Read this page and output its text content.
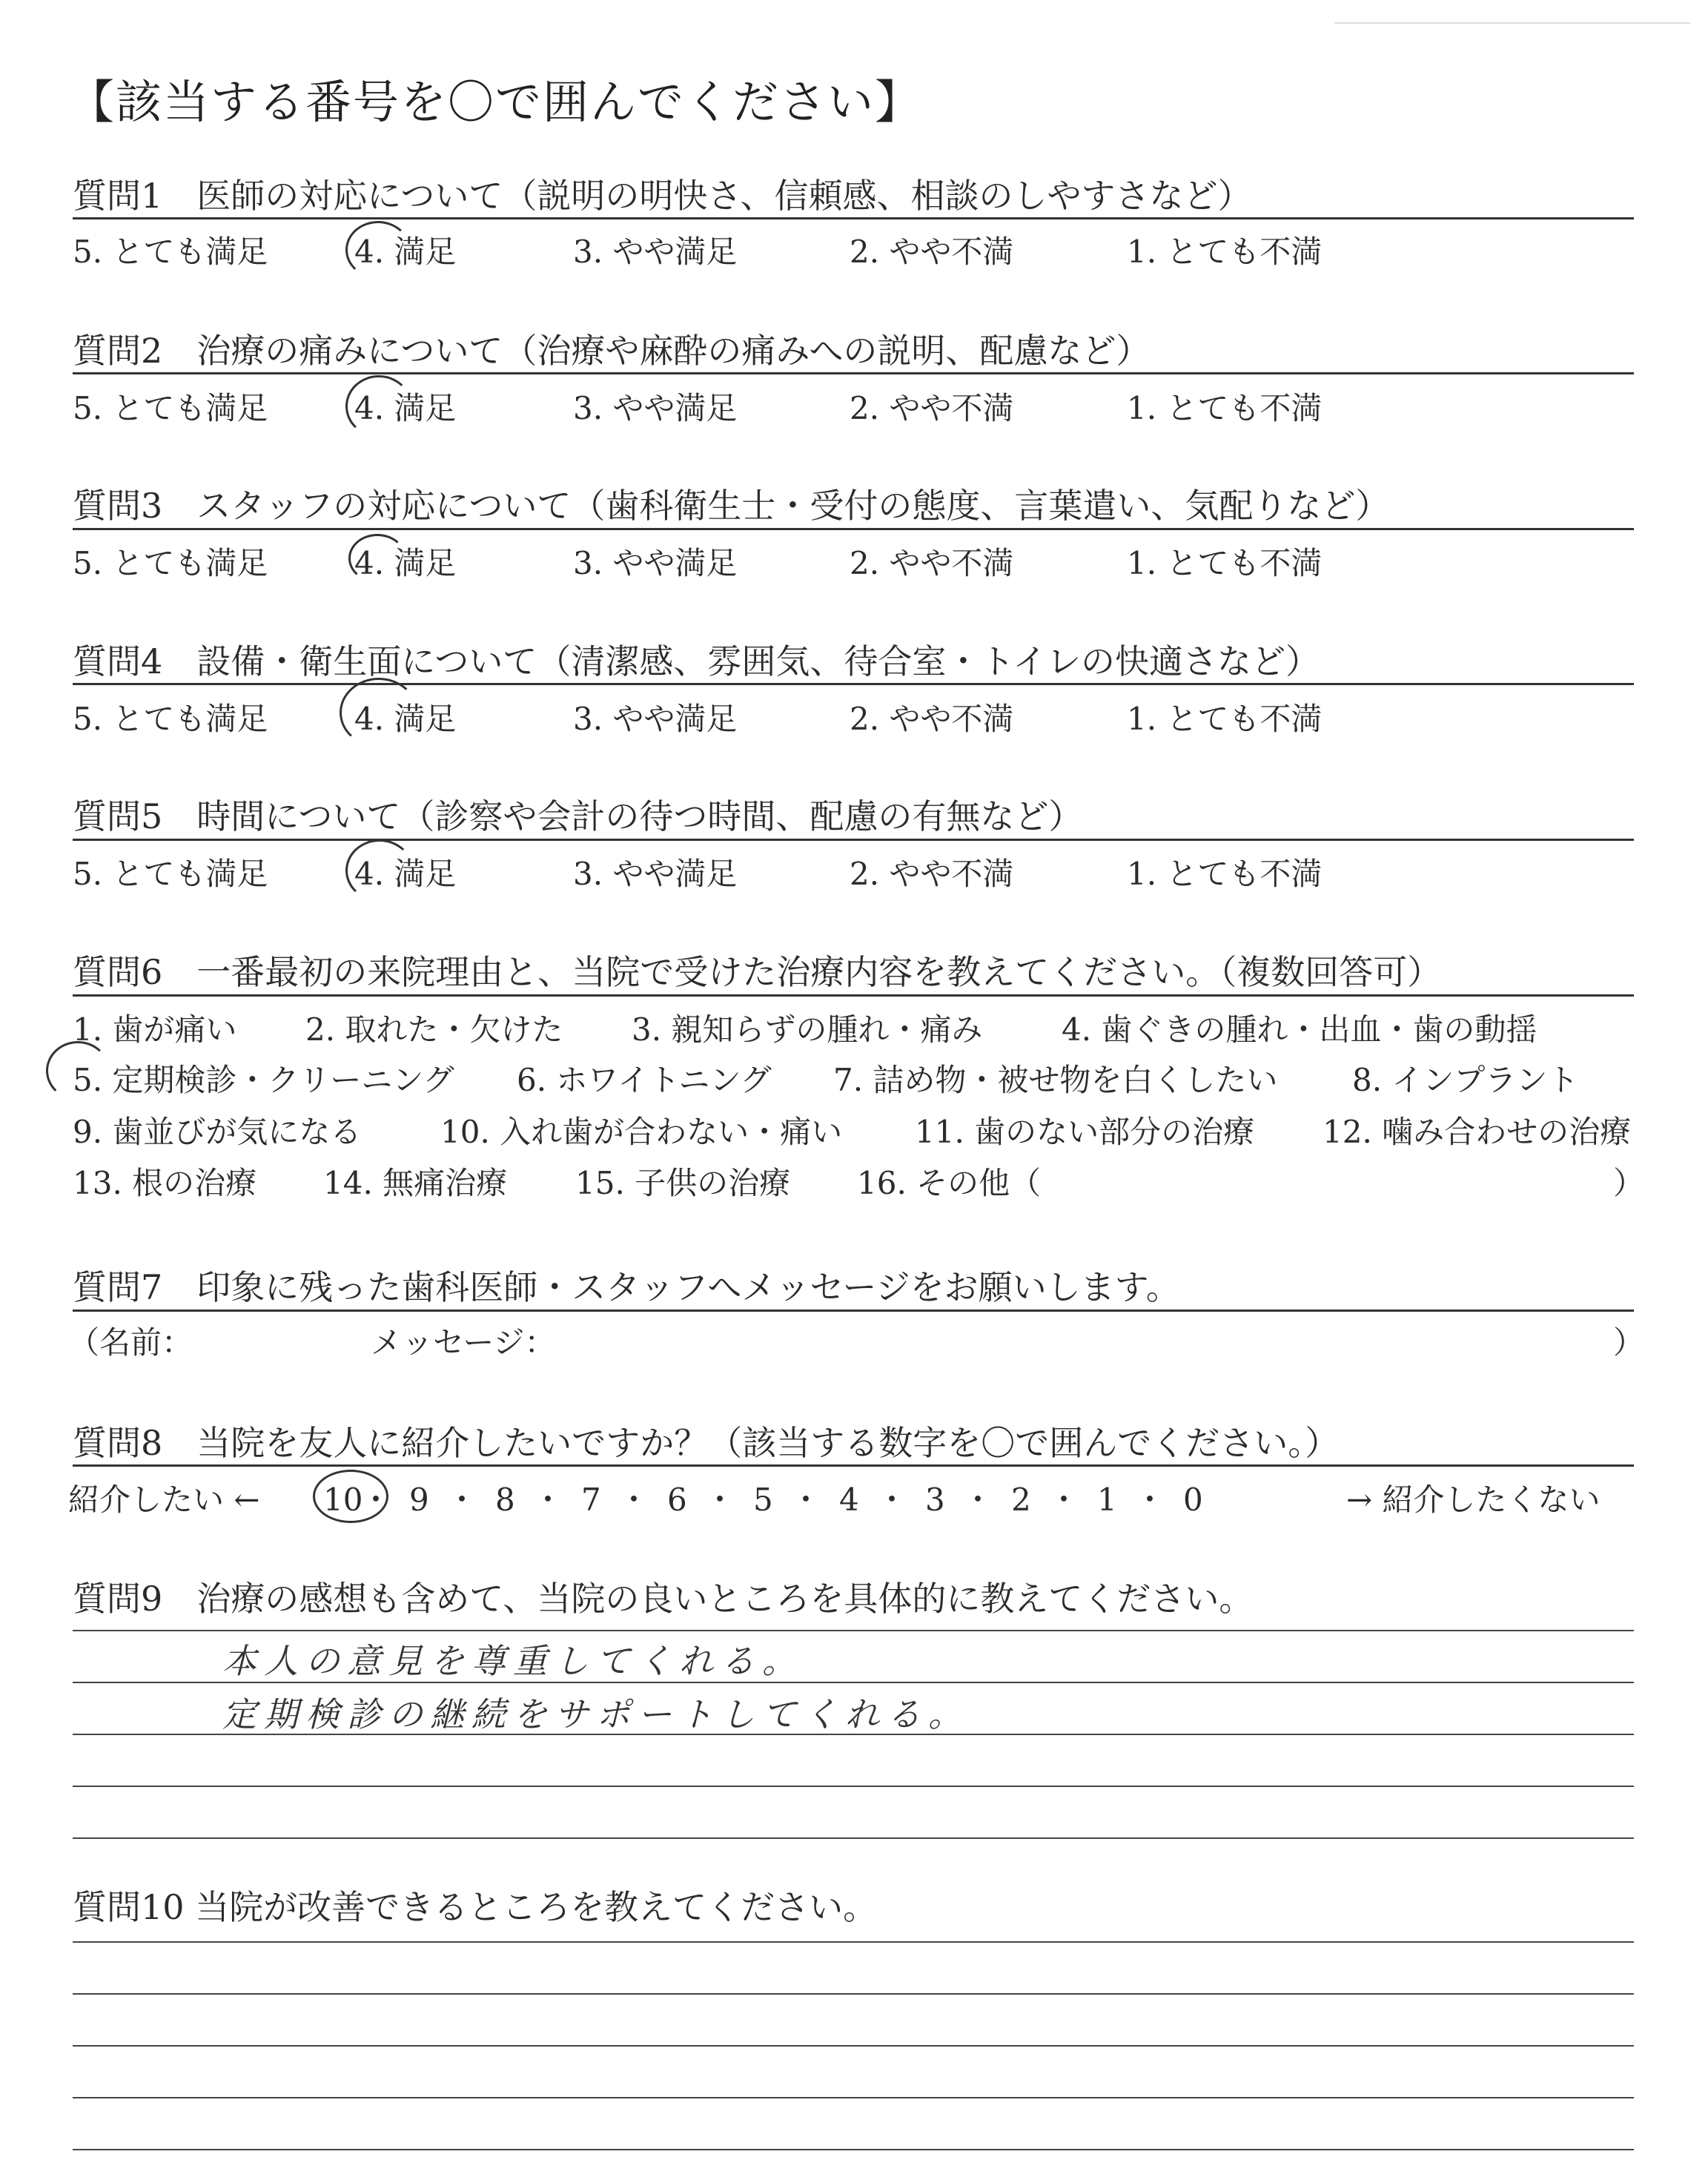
【該当する番号を〇で囲んでください】
質問1　医師の対応について（説明の明快さ、信頼感、相談のしやすさなど）
5. とても満足	4. 満足	3. やや満足	2. やや不満	1. とても不満
質問2　治療の痛みについて（治療や麻酔の痛みへの説明、配慮など）
5. とても満足	4. 満足	3. やや満足	2. やや不満	1. とても不満
質問3　スタッフの対応について（歯科衛生士・受付の態度、言葉遣い、気配りなど）
5. とても満足	4. 満足	3. やや満足	2. やや不満	1. とても不満
質問4　設備・衛生面について（清潔感、雰囲気、待合室・トイレの快適さなど）
5. とても満足	4. 満足	3. やや満足	2. やや不満	1. とても不満
質問5　時間について（診察や会計の待つ時間、配慮の有無など）
5. とても満足	4. 満足	3. やや満足	2. やや不満	1. とても不満
質問6　一番最初の来院理由と、当院で受けた治療内容を教えてください。（複数回答可）
1. 歯が痛い 2. 取れた・欠けた 3. 親知らずの腫れ・痛み	4. 歯ぐきの腫れ・出血・歯の動揺
5. 定期検診・クリーニング 6. ホワイトニング 7. 詰め物・被せ物を白くしたい 8. インプラント
9. 歯並びが気になる	10. 入れ歯が合わない・痛い 11. 歯のない部分の治療 12. 噛み合わせの治療
13. 根の治療 14. 無痛治療 15. 子供の治療 16. その他（	）
質問7　印象に残った歯科医師・スタッフへメッセージをお願いします。
（名前：	メッセージ：	）
質問8　当院を友人に紹介したいですか？（該当する数字を〇で囲んでください。）
紹介したい ← 10・ 9 ・ 8 ・ 7 ・ 6 ・ 5 ・ 4 ・ 3 ・ 2 ・ 1 ・ 0	→ 紹介したくない
質問9　治療の感想も含めて、当院の良いところを具体的に教えてください。
本人の意見を尊重してくれる。
定期検診の継続をサポートしてくれる。
質問10 当院が改善できるところを教えてください。
